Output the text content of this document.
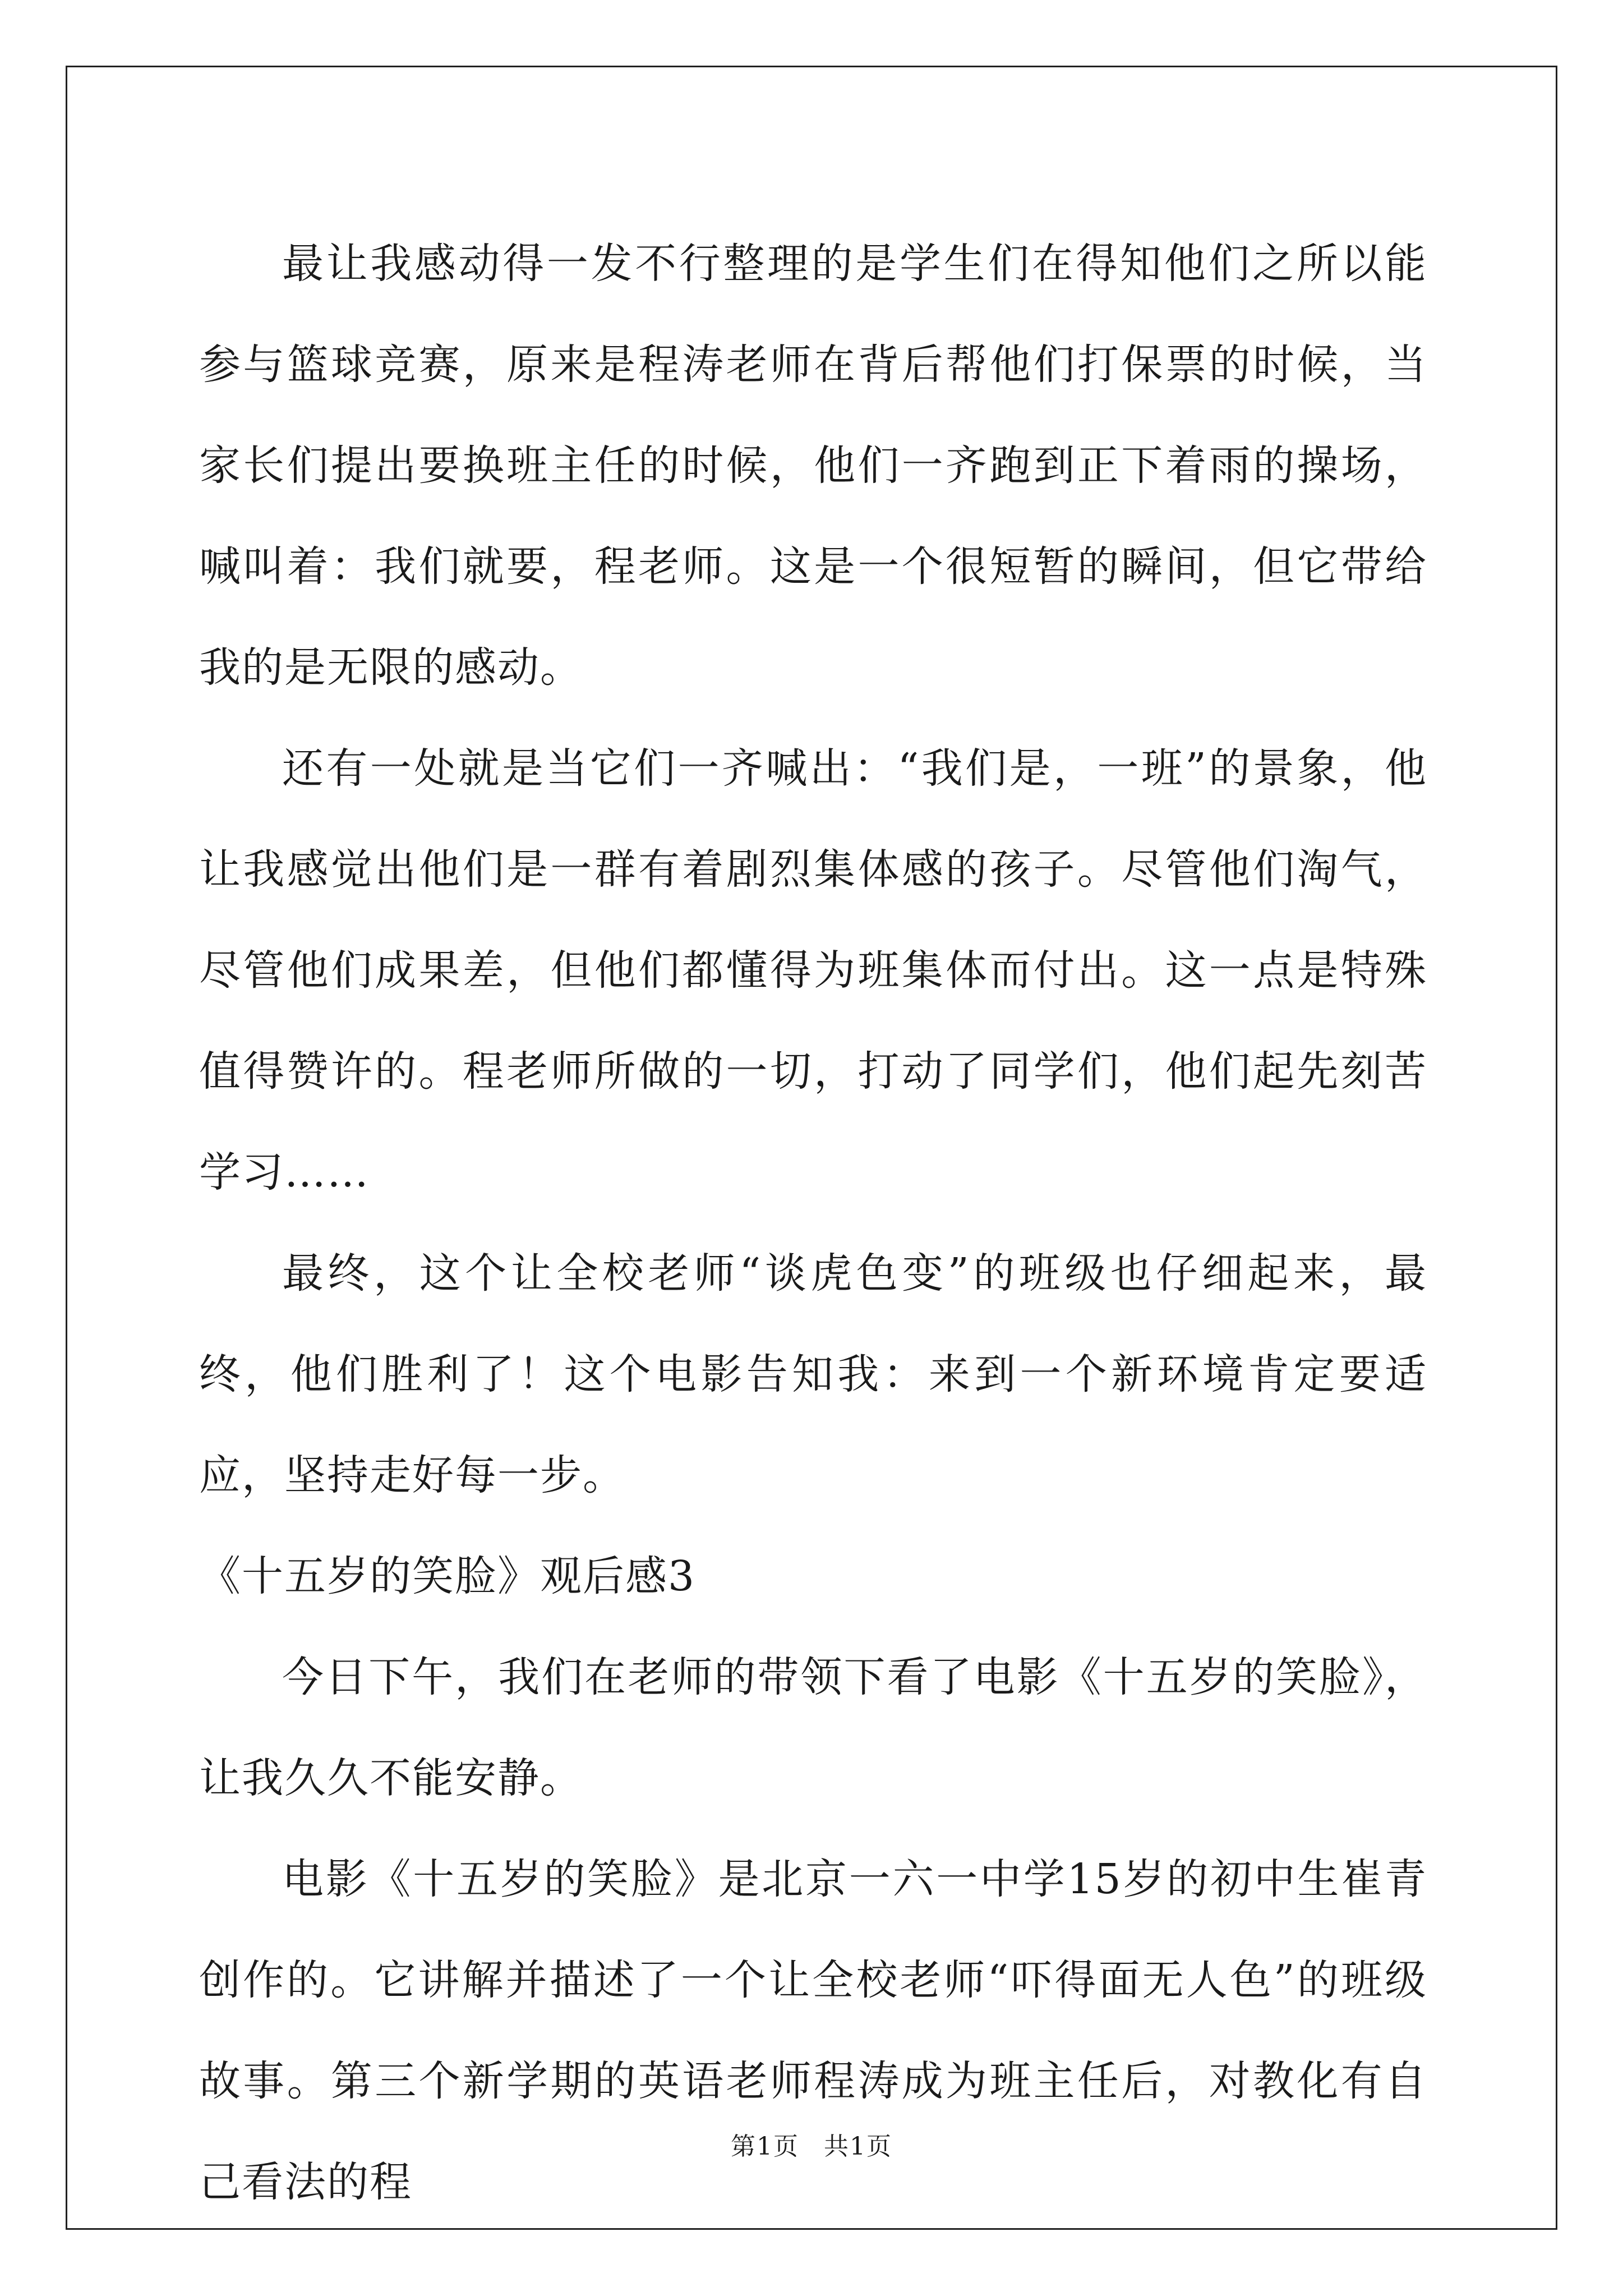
最让我感动得一发不行整理的是学生们在得知他们之所以能参与篮球竞赛，原来是程涛老师在背后帮他们打保票的时候，当家长们提出要换班主任的时候，他们一齐跑到正下着雨的操场，喊叫着：我们就要，程老师。这是一个很短暂的瞬间，但它带给我的是无限的感动。

还有一处就是当它们一齐喊出：“我们是，一班”的景象，他让我感觉出他们是一群有着剧烈集体感的孩子。尽管他们淘气，尽管他们成果差，但他们都懂得为班集体而付出。这一点是特殊值得赞许的。程老师所做的一切，打动了同学们，他们起先刻苦学习……

最终，这个让全校老师“谈虎色变”的班级也仔细起来，最终，他们胜利了！这个电影告知我：来到一个新环境肯定要适应，坚持走好每一步。

《十五岁的笑脸》观后感3

今日下午，我们在老师的带领下看了电影《十五岁的笑脸》，让我久久不能安静。

电影《十五岁的笑脸》是北京一六一中学15岁的初中生崔青创作的。它讲解并描述了一个让全校老师“吓得面无人色”的班级故事。第三个新学期的英语老师程涛成为班主任后，对教化有自己看法的程

第1页 共1页
